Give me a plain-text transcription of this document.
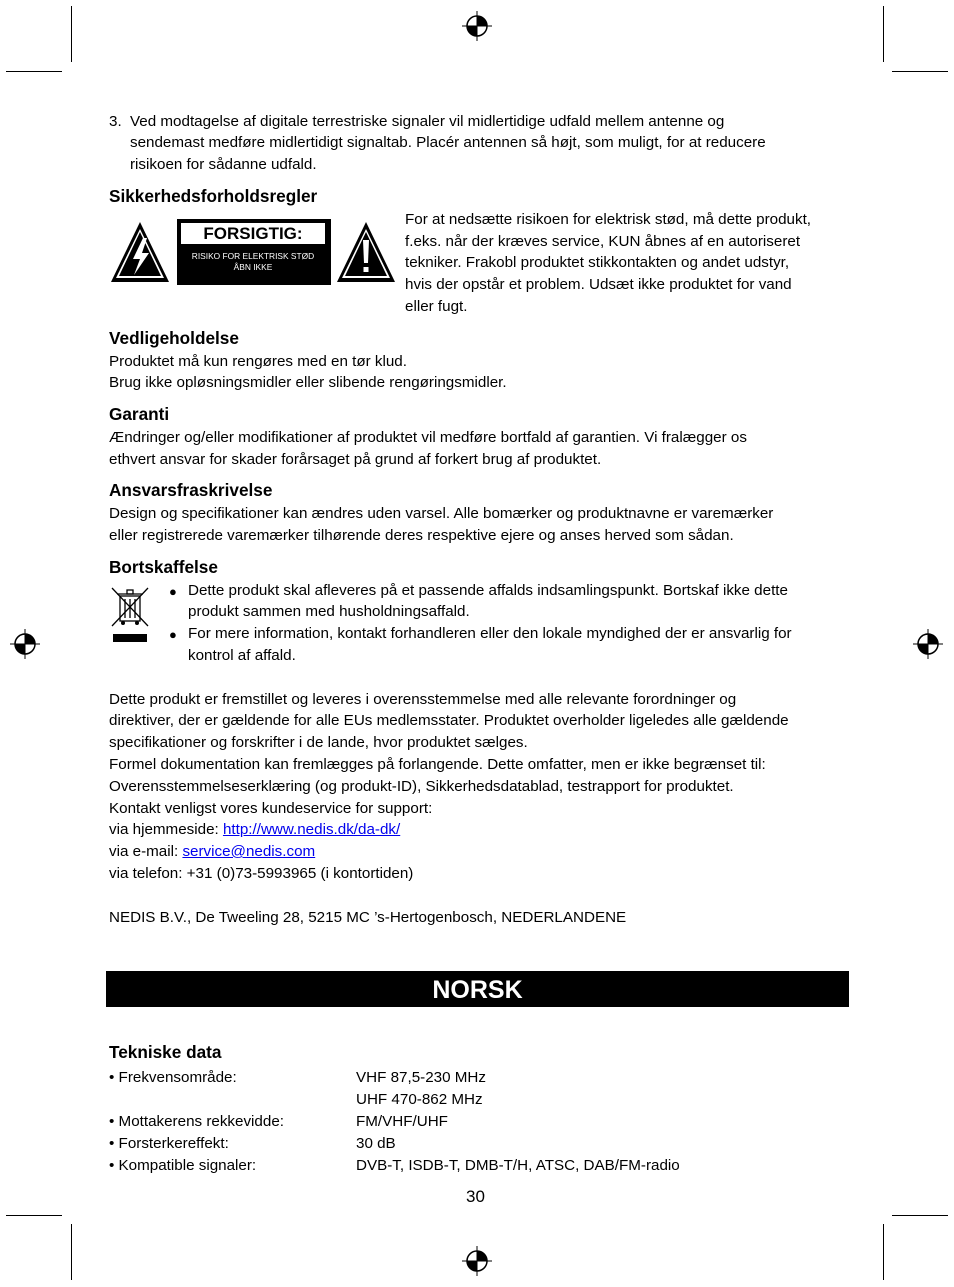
3. Ved modtagelse af digitale terrestriske signaler vil midlertidige udfald mellem antenne og
sendemast medføre midlertidigt signaltab. Placér antennen så højt, som muligt, for at reducere
risikoen for sådanne udfald.
Sikkerhedsforholdsregler
FORSIGTIG:
RISIKO FOR ELEKTRISK STØD
ÅBN IKKE
For at nedsætte risikoen for elektrisk stød, må dette produkt,
f.eks. når der kræves service, KUN åbnes af en autoriseret
tekniker. Frakobl produktet stikkontakten og andet udstyr,
hvis der opstår et problem. Udsæt ikke produktet for vand
eller fugt.
Vedligeholdelse
Produktet må kun rengøres med en tør klud.
Brug ikke opløsningsmidler eller slibende rengøringsmidler.
Garanti
Ændringer og/eller modifikationer af produktet vil medføre bortfald af garantien. Vi fralægger os
ethvert ansvar for skader forårsaget på grund af forkert brug af produktet.
Ansvarsfraskrivelse
Design og specifikationer kan ændres uden varsel. Alle bomærker og produktnavne er varemærker
eller registrerede varemærker tilhørende deres respektive ejere og anses herved som sådan.
Bortskaffelse
● Dette produkt skal afleveres på et passende affalds indsamlingspunkt. Bortskaf ikke dette
produkt sammen med husholdningsaffald.
● For mere information, kontakt forhandleren eller den lokale myndighed der er ansvarlig for
kontrol af affald.
Dette produkt er fremstillet og leveres i overensstemmelse med alle relevante forordninger og
direktiver, der er gældende for alle EUs medlemsstater. Produktet overholder ligeledes alle gældende
specifikationer og forskrifter i de lande, hvor produktet sælges.
Formel dokumentation kan fremlægges på forlangende. Dette omfatter, men er ikke begrænset til:
Overensstemmelseserklæring (og produkt-ID), Sikkerhedsdatablad, testrapport for produktet.
Kontakt venligst vores kundeservice for support:
via hjemmeside: http://www.nedis.dk/da-dk/
via e-mail: service@nedis.com
via telefon: +31 (0)73-5993965 (i kontortiden)
NEDIS B.V., De Tweeling 28, 5215 MC ’s-Hertogenbosch, NEDERLANDENE
NORSK
Tekniske data
• Frekvensområde:	VHF 87,5-230 MHz
UHF 470-862 MHz
• Mottakerens rekkevidde:	FM/VHF/UHF
• Forsterkereffekt:	30 dB
• Kompatible signaler:	DVB-T, ISDB-T, DMB-T/H, ATSC, DAB/FM-radio
30
